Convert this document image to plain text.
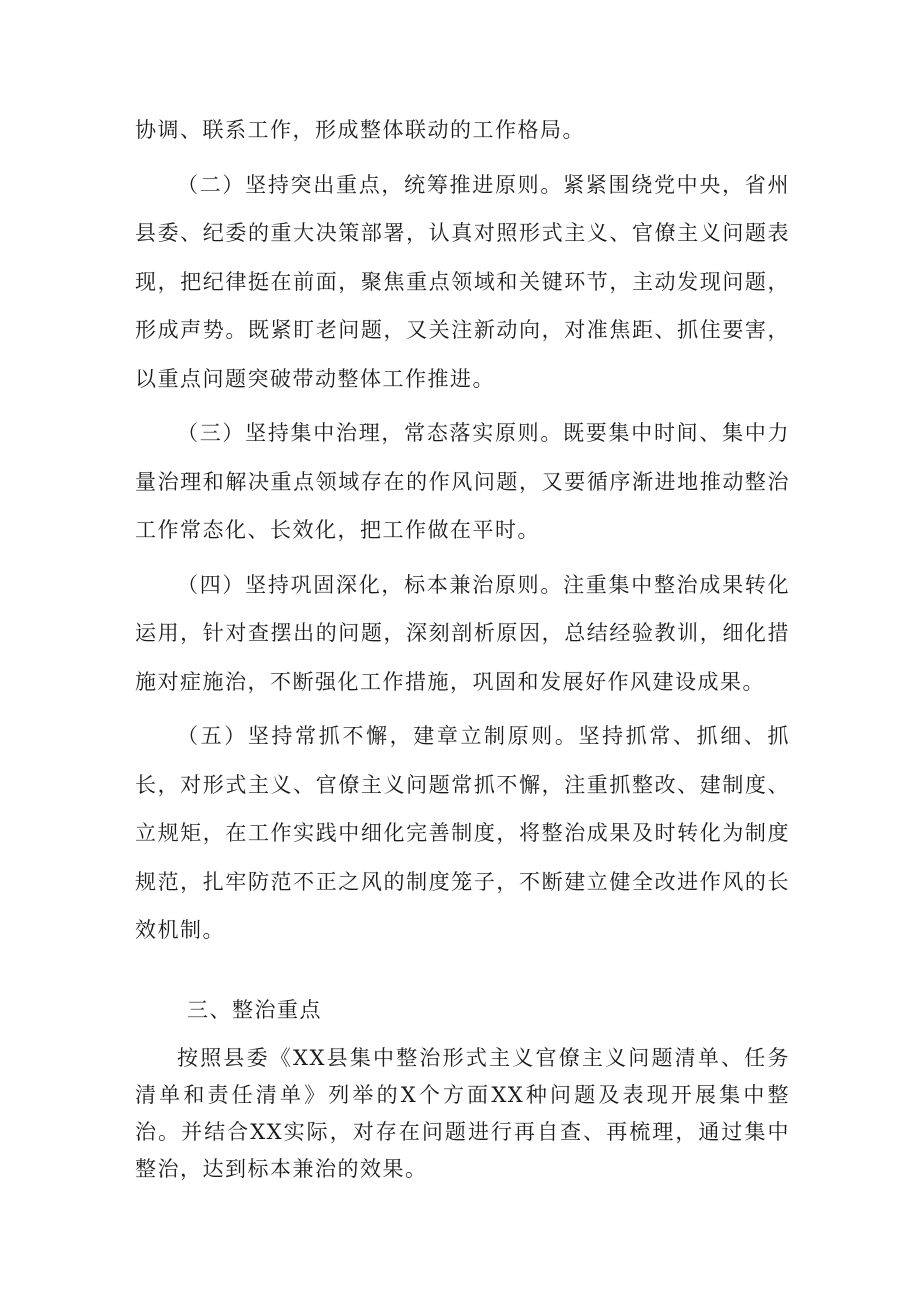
协调、联系工作，形成整体联动的工作格局。

（二）坚持突出重点，统筹推进原则。紧紧围绕党中央，省州县委、纪委的重大决策部署，认真对照形式主义、官僚主义问题表现，把纪律挺在前面，聚焦重点领域和关键环节，主动发现问题，形成声势。既紧盯老问题，又关注新动向，对准焦距、抓住要害，以重点问题突破带动整体工作推进。

（三）坚持集中治理，常态落实原则。既要集中时间、集中力量治理和解决重点领域存在的作风问题，又要循序渐进地推动整治工作常态化、长效化，把工作做在平时。

（四）坚持巩固深化，标本兼治原则。注重集中整治成果转化运用，针对查摆出的问题，深刻剖析原因，总结经验教训，细化措施对症施治，不断强化工作措施，巩固和发展好作风建设成果。

（五）坚持常抓不懈，建章立制原则。坚持抓常、抓细、抓长，对形式主义、官僚主义问题常抓不懈，注重抓整改、建制度、立规矩，在工作实践中细化完善制度，将整治成果及时转化为制度规范，扎牢防范不正之风的制度笼子，不断建立健全改进作风的长效机制。

三、整治重点

按照县委《XX县集中整治形式主义官僚主义问题清单、任务清单和责任清单》列举的X个方面XX种问题及表现开展集中整治。并结合XX实际，对存在问题进行再自查、再梳理，通过集中整治，达到标本兼治的效果。
